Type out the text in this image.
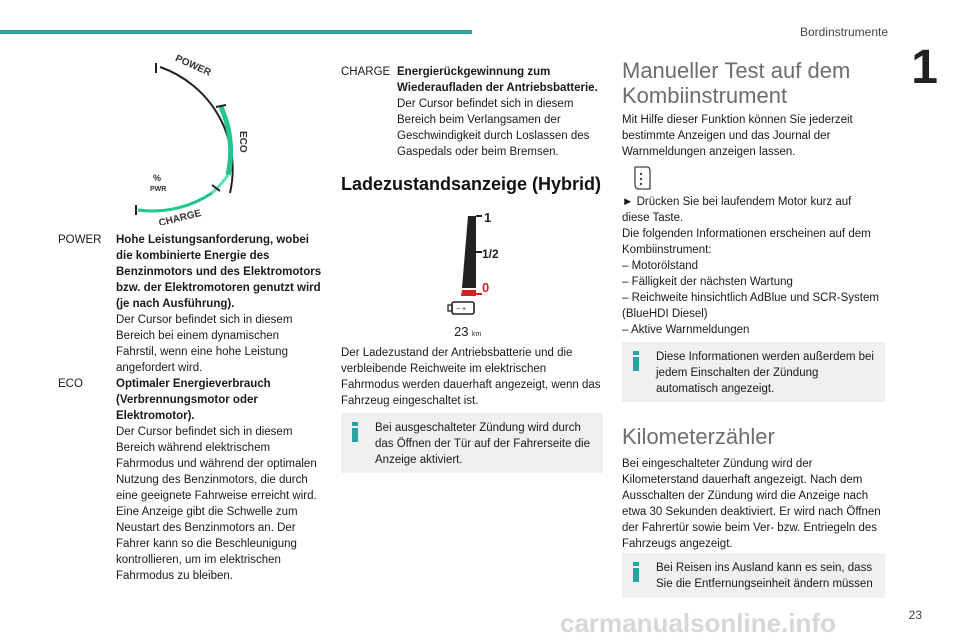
Bordinstrumente
1
POWER
ECO
CHARGE
%
PWR
POWER	Hohe Leistungsanforderung, wobei die kombinierte Energie des Benzinmotors und des Elektromotors bzw. der Elektromotoren genutzt wird (je nach Ausführung).
Der Cursor befindet sich in diesem Bereich bei einem dynamischen Fahrstil, wenn eine hohe Leistung angefordert wird.
ECO	Optimaler Energieverbrauch (Verbrennungsmotor oder Elektromotor).
Der Cursor befindet sich in diesem Bereich während elektrischem Fahrmodus und während der optimalen Nutzung des Benzinmotors, die durch eine geeignete Fahrweise erreicht wird. Eine Anzeige gibt die Schwelle zum Neustart des Benzinmotors an. Der Fahrer kann so die Beschleunigung kontrollieren, um im elektrischen Fahrmodus zu bleiben.
CHARGE Energierückgewinnung zum Wiederaufladen der Antriebsbatterie.
Der Cursor befindet sich in diesem Bereich beim Verlangsamen der Geschwindigkeit durch Loslassen des Gaspedals oder beim Bremsen.
Ladezustandsanzeige (Hybrid)
1
1/2
0
− +
23 km
Der Ladezustand der Antriebsbatterie und die verbleibende Reichweite im elektrischen Fahrmodus werden dauerhaft angezeigt, wenn das Fahrzeug eingeschaltet ist.
Bei ausgeschalteter Zündung wird durch das Öffnen der Tür auf der Fahrerseite die Anzeige aktiviert.
Manueller Test auf dem Kombiinstrument
Mit Hilfe dieser Funktion können Sie jederzeit bestimmte Anzeigen und das Journal der Warnmeldungen anzeigen lassen.
► Drücken Sie bei laufendem Motor kurz auf diese Taste.
Die folgenden Informationen erscheinen auf dem Kombiinstrument:
– Motorölstand
– Fälligkeit der nächsten Wartung
– Reichweite hinsichtlich AdBlue und SCR-System (BlueHDI Diesel)
– Aktive Warnmeldungen
Diese Informationen werden außerdem bei jedem Einschalten der Zündung automatisch angezeigt.
Kilometerzähler
Bei eingeschalteter Zündung wird der Kilometerstand dauerhaft angezeigt. Nach dem Ausschalten der Zündung wird die Anzeige nach etwa 30 Sekunden deaktiviert. Er wird nach Öffnen der Fahrertür sowie beim Ver- bzw. Entriegeln des Fahrzeugs angezeigt.
Bei Reisen ins Ausland kann es sein, dass Sie die Entfernungseinheit ändern müssen
carmanualsonline.info	23
